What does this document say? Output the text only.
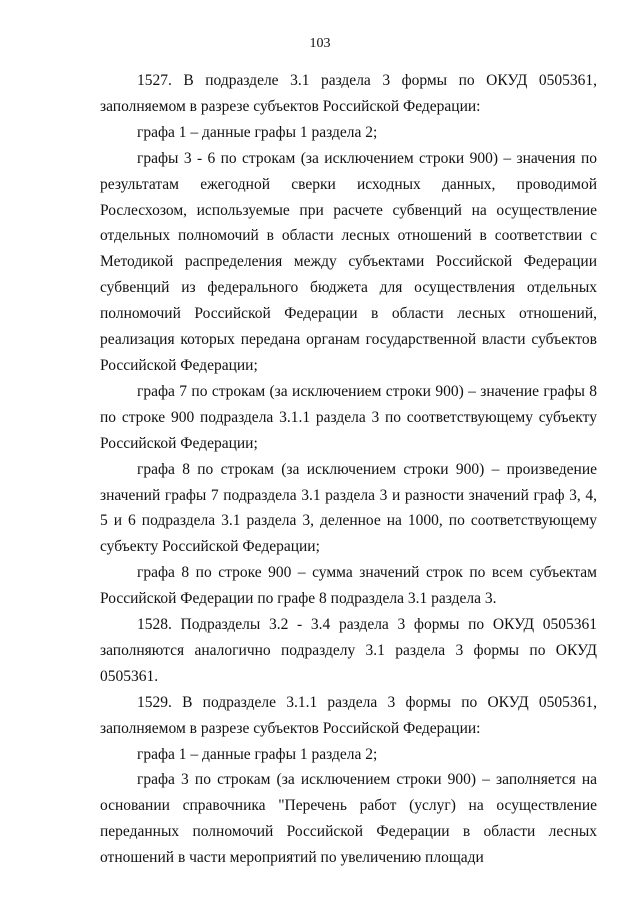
103

1527. В подразделе 3.1 раздела 3 формы по ОКУД 0505361, заполняемом в разрезе субъектов Российской Федерации:

графа 1 – данные графы 1 раздела 2;

графы 3 - 6 по строкам (за исключением строки 900) – значения по результатам ежегодной сверки исходных данных, проводимой Рослесхозом, используемые при расчете субвенций на осуществление отдельных полномочий в области лесных отношений в соответствии с Методикой распределения между субъектами Российской Федерации субвенций из федерального бюджета для осуществления отдельных полномочий Российской Федерации в области лесных отношений, реализация которых передана органам государственной власти субъектов Российской Федерации;

графа 7 по строкам (за исключением строки 900) – значение графы 8 по строке 900 подраздела 3.1.1 раздела 3 по соответствующему субъекту Российской Федерации;

графа 8 по строкам (за исключением строки 900) – произведение значений графы 7 подраздела 3.1 раздела 3 и разности значений граф 3, 4, 5 и 6 подраздела 3.1 раздела 3, деленное на 1000, по соответствующему субъекту Российской Федерации;

графа 8 по строке 900 – сумма значений строк по всем субъектам Российской Федерации по графе 8 подраздела 3.1 раздела 3.

1528. Подразделы 3.2 - 3.4 раздела 3 формы по ОКУД 0505361 заполняются аналогично подразделу 3.1 раздела 3 формы по ОКУД 0505361.

1529. В подразделе 3.1.1 раздела 3 формы по ОКУД 0505361, заполняемом в разрезе субъектов Российской Федерации:

графа 1 – данные графы 1 раздела 2;

графа 3 по строкам (за исключением строки 900) – заполняется на основании справочника "Перечень работ (услуг) на осуществление переданных полномочий Российской Федерации в области лесных отношений в части мероприятий по увеличению площади
